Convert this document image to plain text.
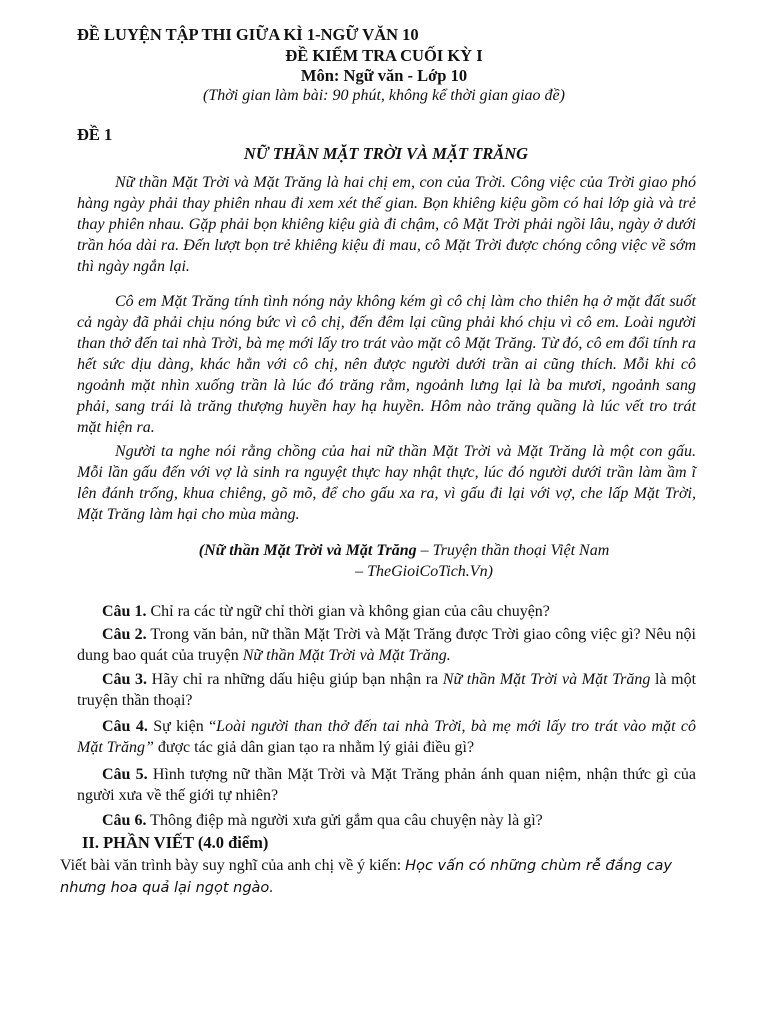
ĐỀ LUYỆN TẬP THI GIỮA KÌ 1-NGỮ VĂN 10
ĐỀ KIỂM TRA CUỐI KỲ I
Môn: Ngữ văn - Lớp 10
(Thời gian làm bài: 90 phút, không kể thời gian giao đề)
ĐỀ 1
NỮ THẦN MẶT TRỜI VÀ MẶT TRĂNG
Nữ thần Mặt Trời và Mặt Trăng là hai chị em, con của Trời. Công việc của Trời giao phó hàng ngày phải thay phiên nhau đi xem xét thế gian. Bọn khiêng kiệu gồm có hai lớp già và trẻ thay phiên nhau. Gặp phải bọn khiêng kiệu già đi chậm, cô Mặt Trời phải ngồi lâu, ngày ở dưới trần hóa dài ra. Đến lượt bọn trẻ khiêng kiệu đi mau, cô Mặt Trời được chóng công việc về sớm thì ngày ngắn lại.
Cô em Mặt Trăng tính tình nóng nảy không kém gì cô chị làm cho thiên hạ ở mặt đất suốt cả ngày đã phải chịu nóng bức vì cô chị, đến đêm lại cũng phải khó chịu vì cô em. Loài người than thở đến tai nhà Trời, bà mẹ mới lấy tro trát vào mặt cô Mặt Trăng. Từ đó, cô em đổi tính ra hết sức dịu dàng, khác hẳn với cô chị, nên được người dưới trần ai cũng thích. Mỗi khi cô ngoảnh mặt nhìn xuống trần là lúc đó trăng rằm, ngoảnh lưng lại là ba mươi, ngoảnh sang phải, sang trái là trăng thượng huyền hay hạ huyền. Hôm nào trăng quầng là lúc vết tro trát mặt hiện ra.
Người ta nghe nói rằng chồng của hai nữ thần Mặt Trời và Mặt Trăng là một con gấu. Mỗi lần gấu đến với vợ là sinh ra nguyệt thực hay nhật thực, lúc đó người dưới trần làm ầm ĩ lên đánh trống, khua chiêng, gõ mõ, để cho gấu xa ra, vì gấu đi lại với vợ, che lấp Mặt Trời, Mặt Trăng làm hại cho mùa màng.
(Nữ thần Mặt Trời và Mặt Trăng – Truyện thần thoại Việt Nam
– TheGioiCoTich.Vn)
Câu 1. Chỉ ra các từ ngữ chỉ thời gian và không gian của câu chuyện?
Câu 2. Trong văn bản, nữ thần Mặt Trời và Mặt Trăng được Trời giao công việc gì? Nêu nội dung bao quát của truyện Nữ thần Mặt Trời và Mặt Trăng.
Câu 3. Hãy chỉ ra những dấu hiệu giúp bạn nhận ra Nữ thần Mặt Trời và Mặt Trăng là một truyện thần thoại?
Câu 4. Sự kiện “Loài người than thở đến tai nhà Trời, bà mẹ mới lấy tro trát vào mặt cô Mặt Trăng” được tác giả dân gian tạo ra nhằm lý giải điều gì?
Câu 5. Hình tượng nữ thần Mặt Trời và Mặt Trăng phản ánh quan niệm, nhận thức gì của người xưa về thế giới tự nhiên?
Câu 6. Thông điệp mà người xưa gửi gắm qua câu chuyện này là gì?
II. PHẦN VIẾT (4.0 điểm)
Viết bài văn trình bày suy nghĩ của anh chị về ý kiến: Học vấn có những chùm rễ đắng cay nhưng hoa quả lại ngọt ngào.
